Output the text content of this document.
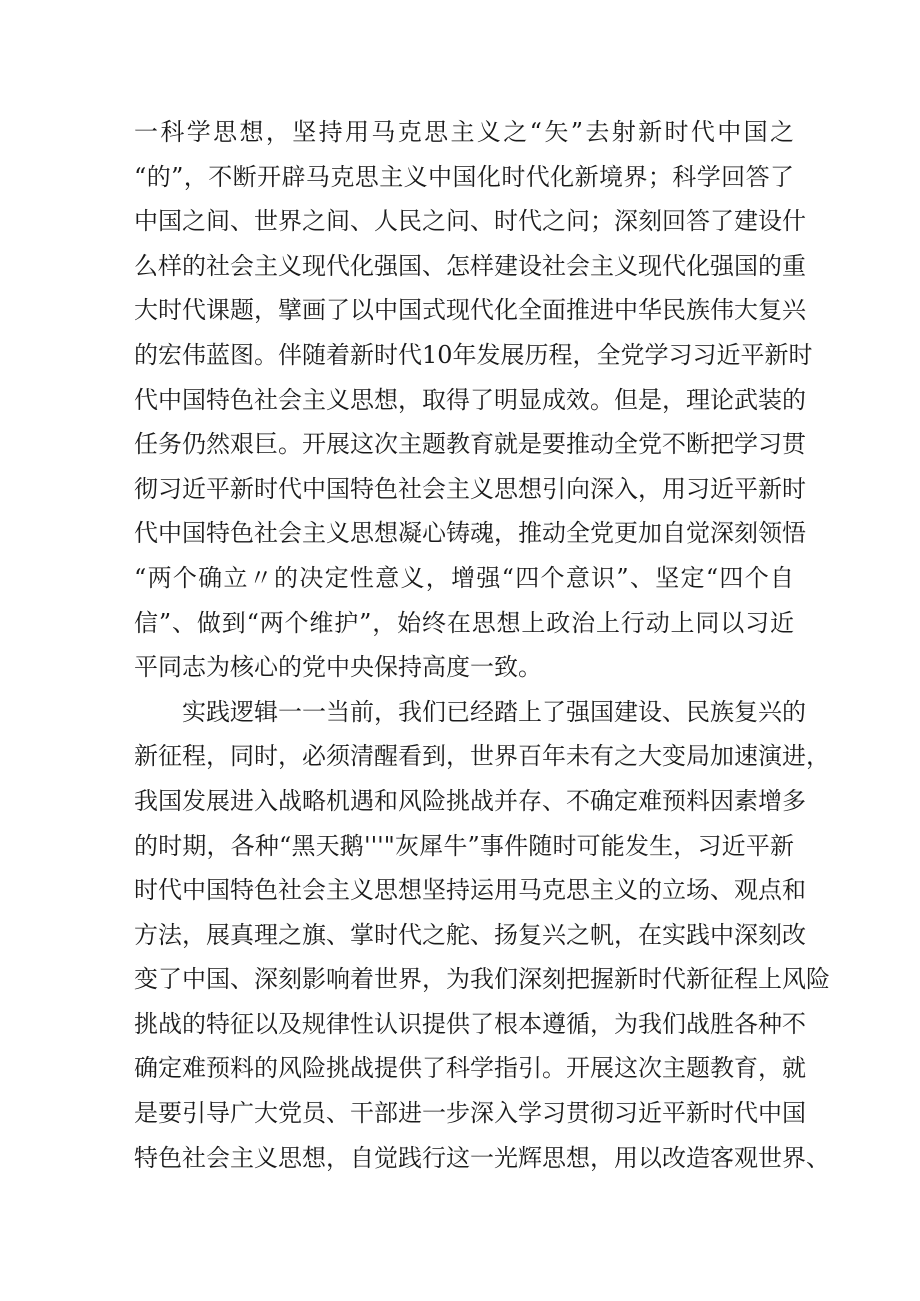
一科学思想，坚持用马克思主义之“矢”去射新时代中国之
“的”，不断开辟马克思主义中国化时代化新境界；科学回答了
中国之间、世界之间、人民之问、时代之问；深刻回答了建设什
么样的社会主义现代化强国、怎样建设社会主义现代化强国的重
大时代课题，擘画了以中国式现代化全面推进中华民族伟大复兴
的宏伟蓝图。伴随着新时代10年发展历程，全党学习习近平新时
代中国特色社会主义思想，取得了明显成效。但是，理论武装的
任务仍然艰巨。开展这次主题教育就是要推动全党不断把学习贯
彻习近平新时代中国特色社会主义思想引向深入，用习近平新时
代中国特色社会主义思想凝心铸魂，推动全党更加自觉深刻领悟
“两个确立〃的决定性意义，增强“四个意识”、坚定“四个自
信”、做到“两个维护”，始终在思想上政治上行动上同以习近
平同志为核心的党中央保持高度一致。
实践逻辑一一当前，我们已经踏上了强国建设、民族复兴的
新征程，同时，必须清醒看到，世界百年未有之大变局加速演进，
我国发展进入战略机遇和风险挑战并存、不确定难预料因素增多
的时期，各种“黑天鹅'''"灰犀牛”事件随时可能发生，习近平新
时代中国特色社会主义思想坚持运用马克思主义的立场、观点和
方法，展真理之旗、掌时代之舵、扬复兴之帆，在实践中深刻改
变了中国、深刻影响着世界，为我们深刻把握新时代新征程上风险
挑战的特征以及规律性认识提供了根本遵循，为我们战胜各种不
确定难预料的风险挑战提供了科学指引。开展这次主题教育，就
是要引导广大党员、干部进一步深入学习贯彻习近平新时代中国
特色社会主义思想，自觉践行这一光辉思想，用以改造客观世界、
